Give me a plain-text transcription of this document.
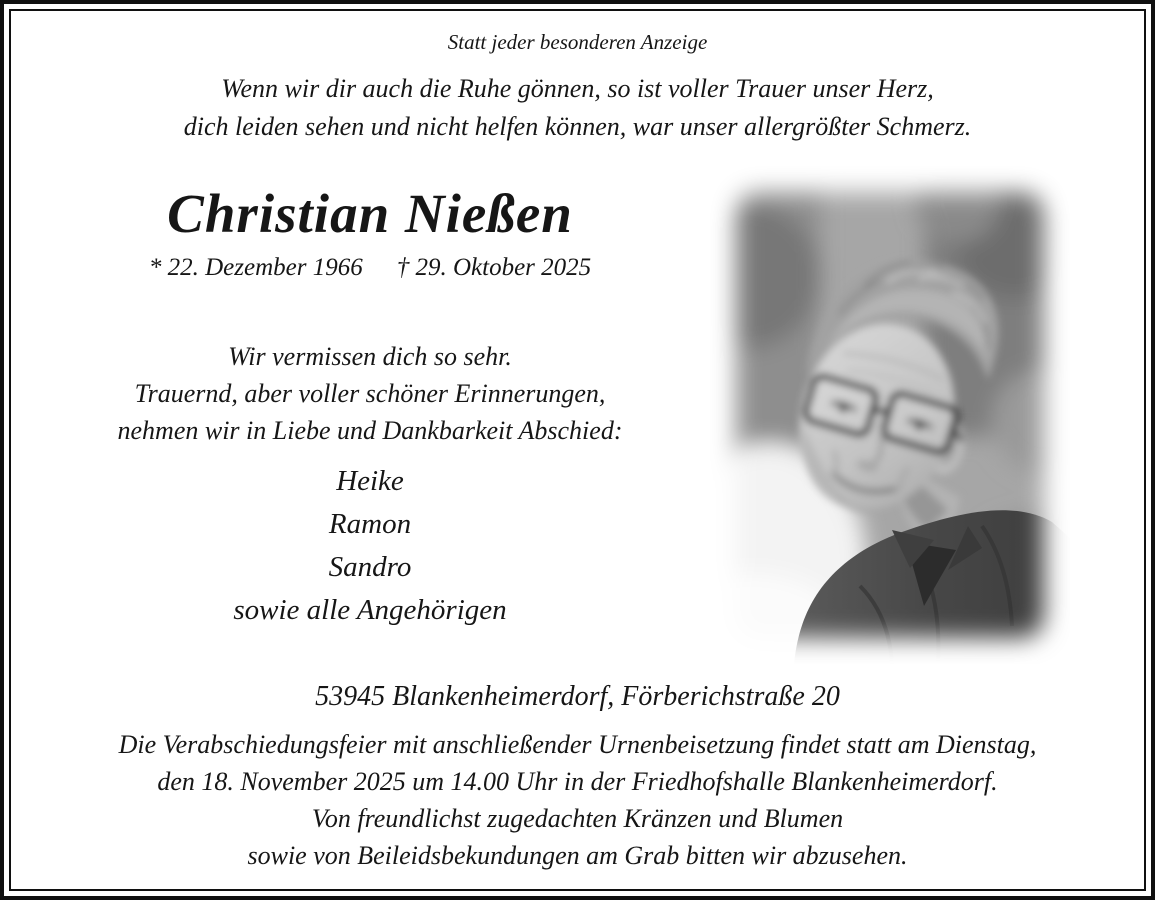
Statt jeder besonderen Anzeige
Wenn wir dir auch die Ruhe gönnen, so ist voller Trauer unser Herz,
dich leiden sehen und nicht helfen können, war unser allergrößter Schmerz.
Christian Nießen
* 22. Dezember 1966 † 29. Oktober 2025
Wir vermissen dich so sehr.
Trauernd, aber voller schöner Erinnerungen,
nehmen wir in Liebe und Dankbarkeit Abschied:
Heike
Ramon
Sandro
sowie alle Angehörigen
53945 Blankenheimerdorf, Förberichstraße 20
Die Verabschiedungsfeier mit anschließender Urnenbeisetzung findet statt am Dienstag,
den 18. November 2025 um 14.00 Uhr in der Friedhofshalle Blankenheimerdorf.
Von freundlichst zugedachten Kränzen und Blumen
sowie von Beileidsbekundungen am Grab bitten wir abzusehen.
